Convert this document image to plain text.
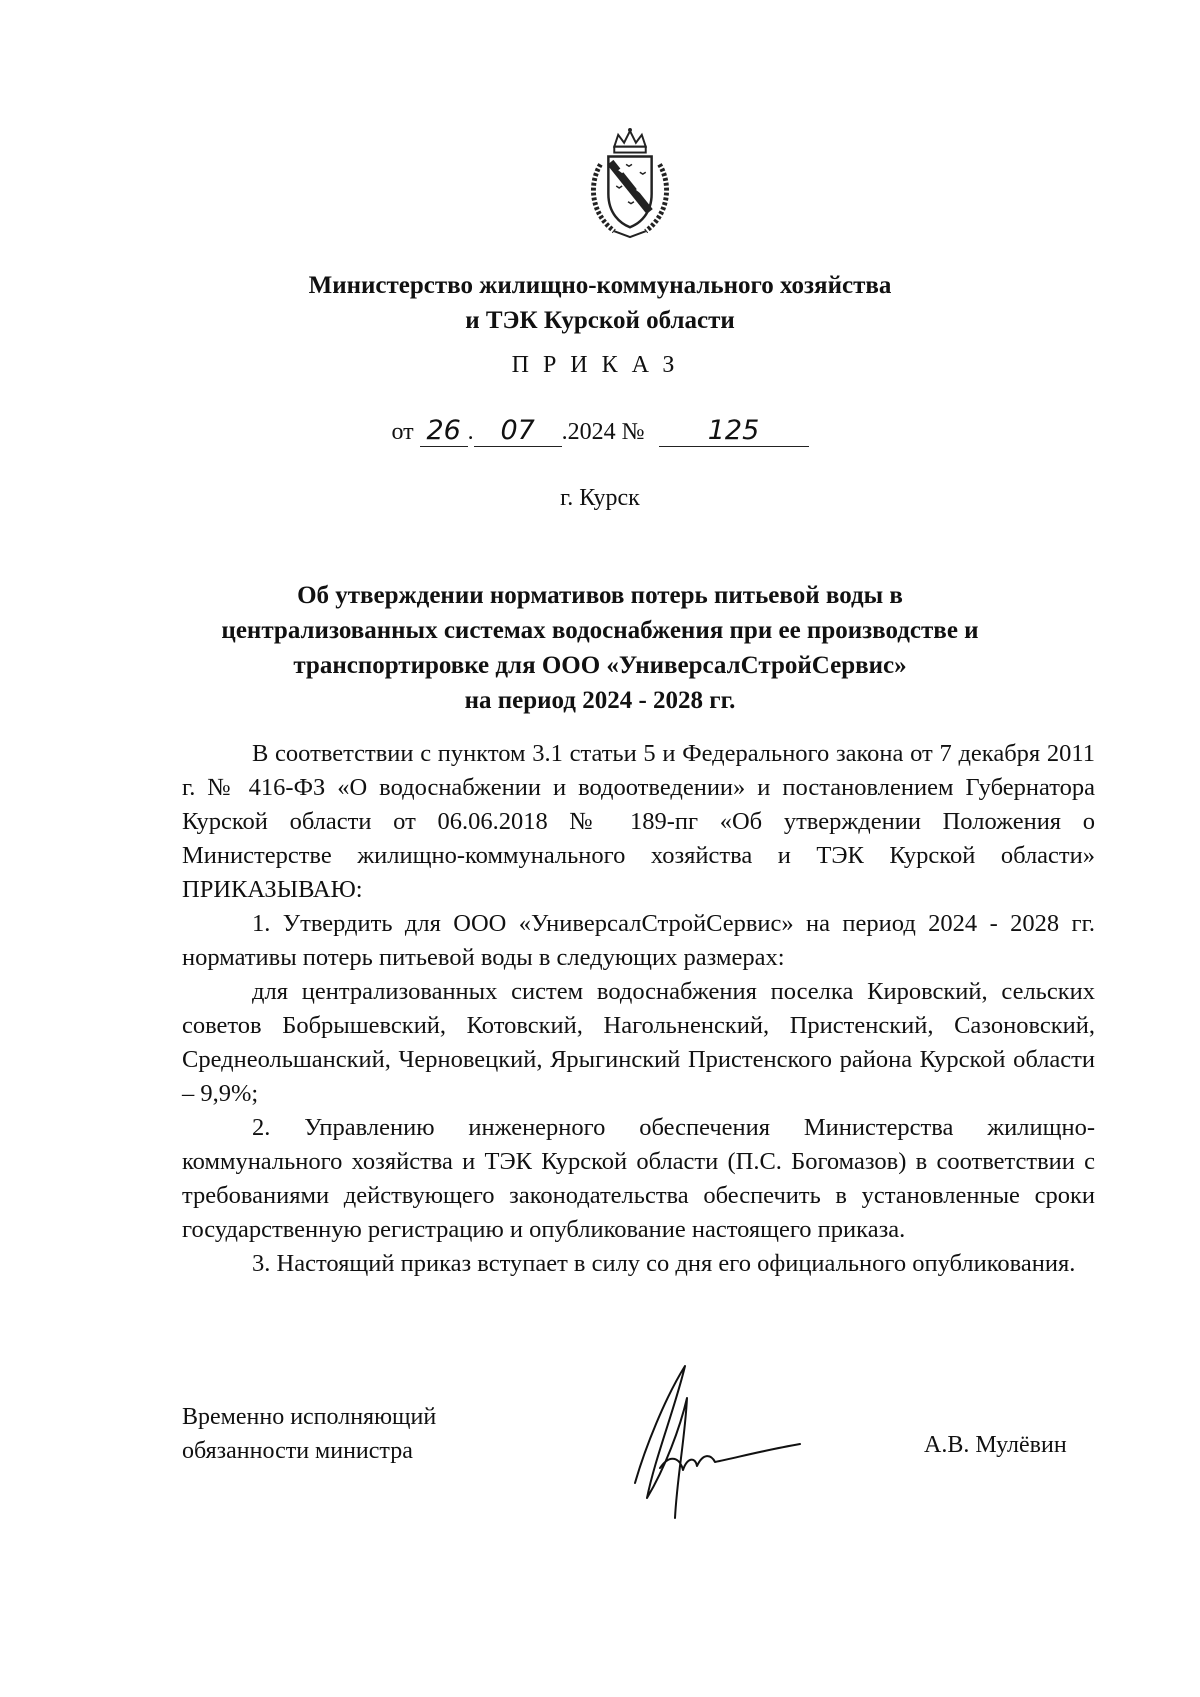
Министерство жилищно-коммунального хозяйства
и ТЭК Курской области
ПРИКАЗ
от 26 . 07 .2024 № 125
г. Курск
Об утверждении нормативов потерь питьевой воды в
централизованных системах водоснабжения при ее производстве и
транспортировке для ООО «УниверсалСтройСервис»
на период 2024 - 2028 гг.

В соответствии с пунктом 3.1 статьи 5 и Федерального закона от 7 декабря 2011 г. № 416-ФЗ «О водоснабжении и водоотведении» и постановлением Губернатора Курской области от 06.06.2018 № 189-пг «Об утверждении Положения о Министерстве жилищно-коммунального хозяйства и ТЭК Курской области» ПРИКАЗЫВАЮ:

1. Утвердить для ООО «УниверсалСтройСервис» на период 2024 - 2028 гг. нормативы потерь питьевой воды в следующих размерах:

для централизованных систем водоснабжения поселка Кировский, сельских советов Бобрышевский, Котовский, Нагольненский, Пристенский, Сазоновский, Среднеольшанский, Черновецкий, Ярыгинский Пристенского района Курской области – 9,9%;

2. Управлению инженерного обеспечения Министерства жилищно-коммунального хозяйства и ТЭК Курской области (П.С. Богомазов) в соответствии с требованиями действующего законодательства обеспечить в установленные сроки государственную регистрацию и опубликование настоящего приказа.

3. Настоящий приказ вступает в силу со дня его официального опубликования.

Временно исполняющий
обязанности министра	А.В. Мулёвин
